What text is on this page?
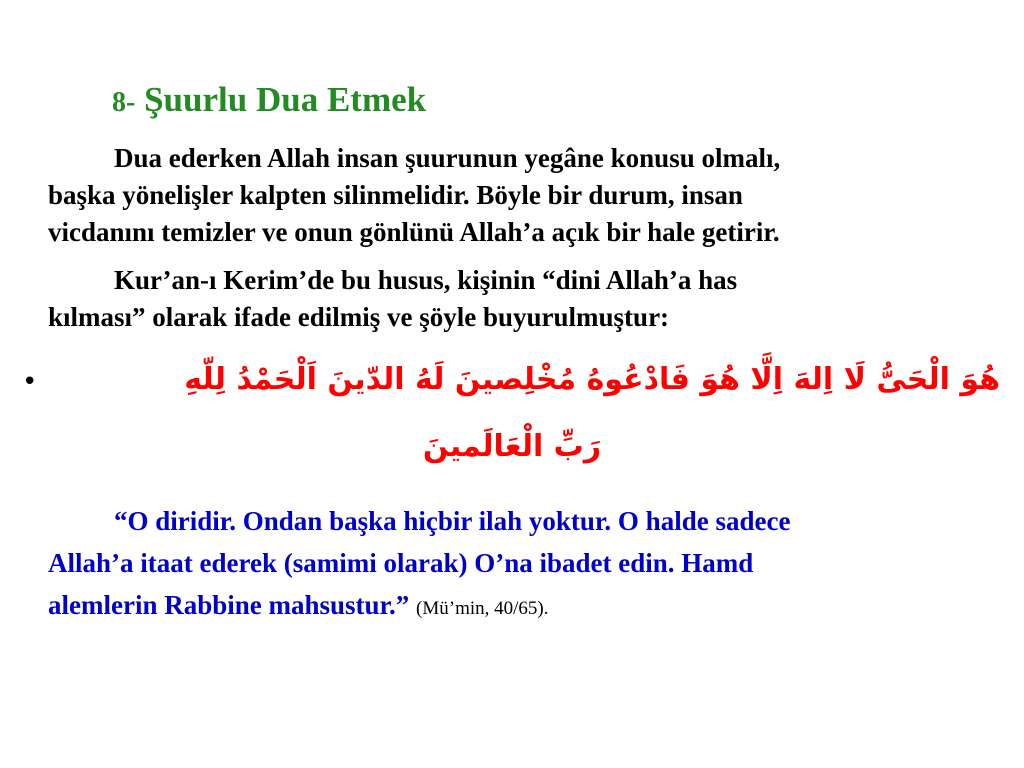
8- Şuurlu Dua Etmek
Dua ederken Allah insan şuurunun yegâne konusu olmalı,
başka yönelişler kalpten silinmelidir. Böyle bir durum, insan
vicdanını temizler ve onun gönlünü Allah’a açık bir hale getirir.
Kur’an-ı Kerim’de bu husus, kişinin “dini Allah’a has
kılması” olarak ifade edilmiş ve şöyle buyurulmuştur:
•	هُوَ الْحَىُّ لَا اِلهَ اِلَّا هُوَ فَادْعُوهُ مُخْلِصينَ لَهُ الدّينَ اَلْحَمْدُ لِلّهِ
رَبِّ الْعَالَمينَ
“O diridir. Ondan başka hiçbir ilah yoktur. O halde sadece
Allah’a itaat ederek (samimi olarak) O’na ibadet edin. Hamd
alemlerin Rabbine mahsustur.” (Mü’min, 40/65).
